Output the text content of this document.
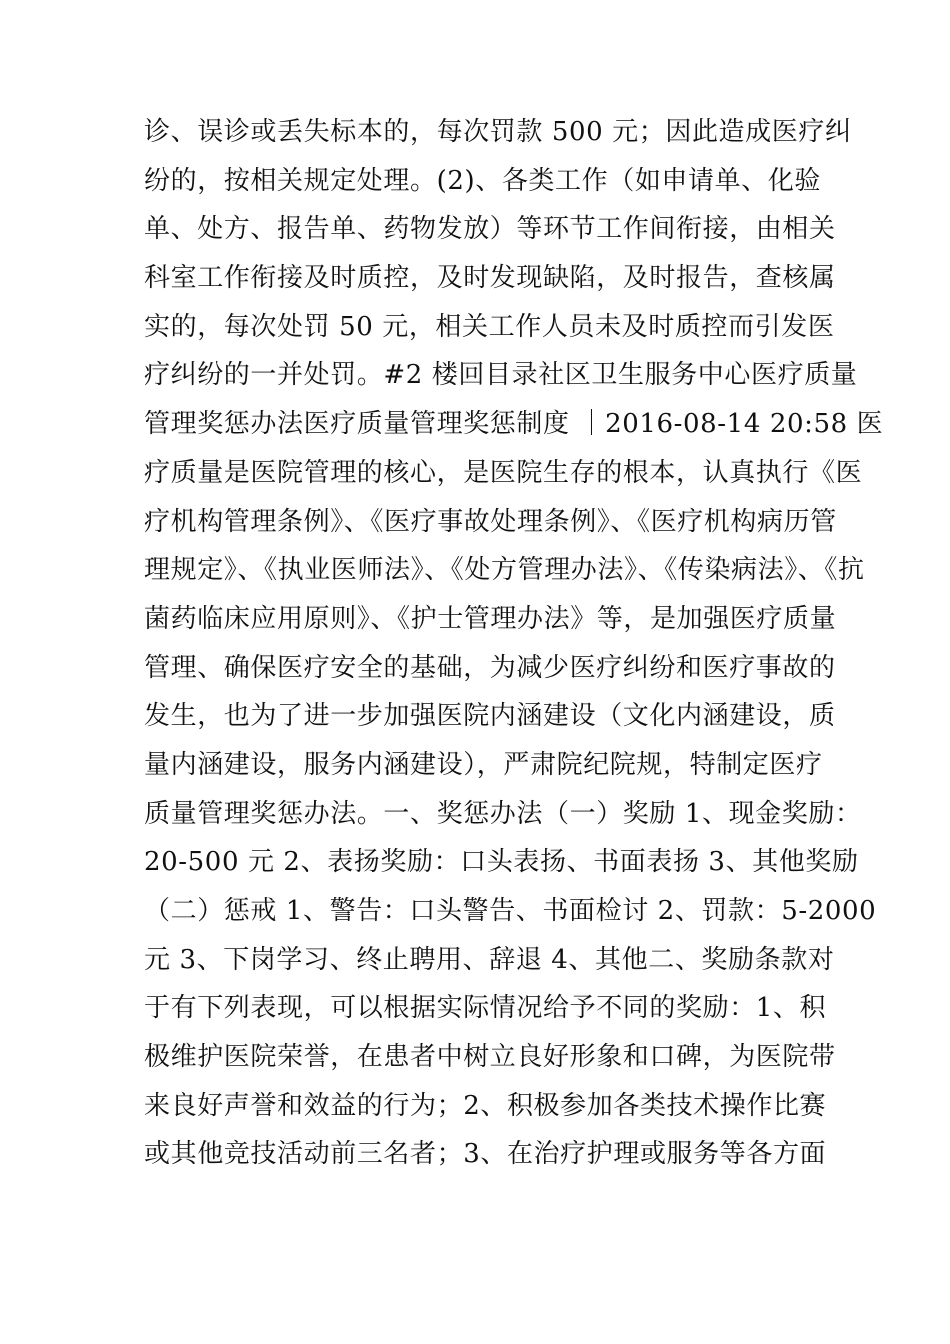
诊、误诊或丢失标本的，每次罚款 500 元；因此造成医疗纠
纷的，按相关规定处理。(2)、各类工作（如申请单、化验
单、处方、报告单、药物发放）等环节工作间衔接，由相关
科室工作衔接及时质控，及时发现缺陷，及时报告，查核属
实的，每次处罚 50 元，相关工作人员未及时质控而引发医
疗纠纷的一并处罚。#2 楼回目录社区卫生服务中心医疗质量
管理奖惩办法医疗质量管理奖惩制度 ｜2016-08-14 20:58 医
疗质量是医院管理的核心，是医院生存的根本，认真执行《医
疗机构管理条例》、《医疗事故处理条例》、《医疗机构病历管
理规定》、《执业医师法》、《处方管理办法》、《传染病法》、《抗
菌药临床应用原则》、《护士管理办法》等，是加强医疗质量
管理、确保医疗安全的基础，为减少医疗纠纷和医疗事故的
发生，也为了进一步加强医院内涵建设（文化内涵建设，质
量内涵建设，服务内涵建设），严肃院纪院规，特制定医疗
质量管理奖惩办法。一、奖惩办法（一）奖励 1、现金奖励：
20-500 元 2、表扬奖励：口头表扬、书面表扬 3、其他奖励
（二）惩戒 1、警告：口头警告、书面检讨 2、罚款：5-2000
元 3、下岗学习、终止聘用、辞退 4、其他二、奖励条款对
于有下列表现，可以根据实际情况给予不同的奖励：1、积
极维护医院荣誉，在患者中树立良好形象和口碑，为医院带
来良好声誉和效益的行为；2、积极参加各类技术操作比赛
或其他竞技活动前三名者；3、在治疗护理或服务等各方面
